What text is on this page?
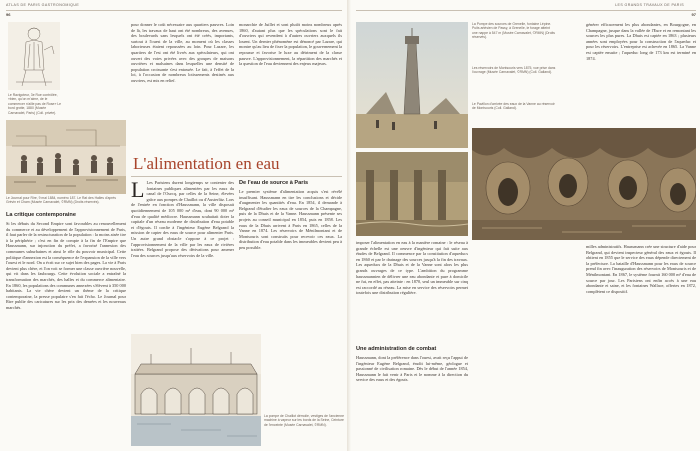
ATLAS DE PARIS GASTRONOMIQUE
96
Le Ravigoteur, 3e Rue contrôlée, «bien, qu'on m'aime, de le commercer n'aille pas de Rose» Le bord grotte, 1880 (Musée Carnavalet, Paris) (Coll. privée).
Le Journal pour Rire, 9 mai 1884, numéro 187. Le Rat des Halles d'après Grévin et Cham (Musée Carnavalet, ©RMN) (Droits réservés).
La critique contemporaine
Si les débuts du Second Empire sont favorables au renouvellement du commerce et au développement de l'approvisionnement de Paris, il faut parler de la restructuration de la population : la moins aisée tire à la périphérie ; c'est en fin de compte à la fin de l'Empire que Haussmann, sur injonction du préfet, a favorisé l'annexion des communes suburbaines et ainsi le rôle du pouvoir municipal. Cette politique d'annexion est la conséquence de l'expansion de la ville vers l'ouest et le nord. On a écrit sur ce sujet bien des pages. La vie à Paris devient plus chère, et l'on voit se former une classe ouvrière nouvelle, qui vit dans les faubourgs. Cette évolution sociale a entraîné la transformation des marchés, des halles et du commerce alimentaire. En 1860, les populations des communes annexées s'élèvent à 350 000 habitants. La vie chère devient un thème de la critique contemporaine, la presse populaire s'en fait l'écho. Le Journal pour Rire publie des caricatures sur les prix des denrées et les nouveaux marchés.
pour donner le coût nécessaire aux quartiers pauvres. Loin de là, les travaux de haut ont été nombreux, des avenues, des boulevards sans lesquels ont été créés, importants, surtout à l'ouest de la ville, au moment où les classes laborieuses étaient repoussées au loin. Pour Lazare, les quartiers de l'est ont été livrés aux spéculateurs, qui ont ouvert des voies privées avec des groupes de maisons ouvrières et malsaines dans lesquelles une densité de population croissante s'est entassée. Le fait, à l'effet de la loi, à l'occasion de nombreux lotissements destinés aux ouvriers, est mis en relief.
monarchie de Juillet et sont plutôt moins nombreux après 1860, d'autant plus que les spéculations sont le fait d'ouvriers qui revendent à d'autres ouvriers auxquels ils louent. Un dernier phénomène est dénoncé par Lazare, qui montre qu'au lieu de fixer la population, le gouvernement la repousse et favorise le luxe au détriment de la classe pauvre. L'approvisionnement, la répartition des marchés et la question de l'eau deviennent des enjeux majeurs.
L'alimentation en eau
L Les Parisiens durent longtemps se contenter des fontaines publiques alimentées par les eaux du canal de l'Ourcq, par celles de la Seine, élevées grâce aux pompes de Chaillot ou d'Austerlitz. Lors de l'entrée en fonction d'Haussmann, la ville disposait quotidiennement de 105 000 m³ d'eau, dont 90 000 m³ d'eau de qualité médiocre. Haussmann souhaitait doter la capitale d'un réseau moderne de distribution d'eau potable et d'égouts. Il confie à l'ingénieur Eugène Belgrand la mission de capter des eaux de source pour alimenter Paris. Un autre grand obstacle s'oppose à ce projet : l'approvisionnement de la ville par les eaux de rivières traitées. Belgrand propose des dérivations pour amener l'eau des sources jusqu'aux réservoirs de la ville.
De l'eau de source à Paris
Le premier système d'alimentation acquis s'est révélé insuffisant. Haussmann en tire les conclusions et décide d'augmenter les quantités d'eau. En 1854, il demande à Belgrand d'étudier les eaux de sources de la Champagne, puis de la Dhuis et de la Vanne. Haussmann présente ses projets au conseil municipal en 1854, puis en 1858. Les eaux de la Dhuis arrivent à Paris en 1865, celles de la Vanne en 1874. Les réservoirs de Ménilmontant et de Montsouris sont construits pour recevoir ces eaux. La distribution d'eau potable dans les immeubles devient peu à peu possible.
La pompe de Chaillot démolie, vestiges de l'ancienne machine à vapeur sur les bords de la Seine, Ceinture de l'enceinte (Musée Carnavalet, ©RMN).
LES GRANDS TRAVAUX DE PARIS
97
La Pompe des sources de Grenelle, fontaine Lépine. Puits artésien de Passy, à Grenelle, le forage atteint une nappe à 547 m (Musée Carnavalet, ©RMN) (Droits réservés).
Les réservoirs de Montsouris vers 1875, vue prise dans l'ouvrage (Musée Carnavalet, ©RMN) (Coll. Galland).
Le Pavillon d'arrivée des eaux de la Vanne au réservoir de Montsouris (Coll. Galland).
imposer l'alimentation en eau à la manière romaine : le réseau à grande échelle est une oeuvre d'ingénieur qui fait suite aux études de Belgrand. Il commence par la constitution d'aqueducs en 1860 et par le drainage des sources jusqu'à la fin des travaux. Les aqueducs de la Dhuis et de la Vanne sont alors les plus grands ouvrages de ce type. L'ambition du programme haussmannien de délivrer une eau abondante et pure à domicile ne fut, en effet, pas atteinte : en 1870, seul un immeuble sur cinq est raccordé au réseau. La mise en service des réservoirs permet toutefois une distribution régulière.
Une administration de combat
Haussmann, dont la préférence dans l'ouest, avait reçu l'appui de l'ingénieur Eugène Belgrand, érudit lui-même, géologue et passionné de civilisation romaine. Dès le début de l'année 1854, Haussmann le fait venir à Paris et le nomme à la direction du service des eaux et des égouts.
générer efficacement les plus abondantes, en Bourgogne, en Champagne, jusque dans la vallée de l'Eure et en remontant les sources les plus pures. La Dhuis est captée en 1863 ; plusieurs années sont employées pour la construction de l'aqueduc et pour les réservoirs. L'entreprise est achevée en 1865. La Vanne est captée ensuite ; l'aqueduc long de 173 km est terminé en 1874.
milles administratifs. Haussmann crée une structure d'aide pour Belgrand, qui devient inspecteur général des eaux et égouts. Il obtient en 1855 que le service des eaux dépende directement de la préfecture. La bataille d'Haussmann pour les eaux de source prend fin avec l'inauguration des réservoirs de Montsouris et de Ménilmontant. En 1867, le système fournit 160 000 m³ d'eau de source par jour. Les Parisiens ont enfin accès à une eau abondante et saine, et les fontaines Wallace, offertes en 1872, complètent ce dispositif.
